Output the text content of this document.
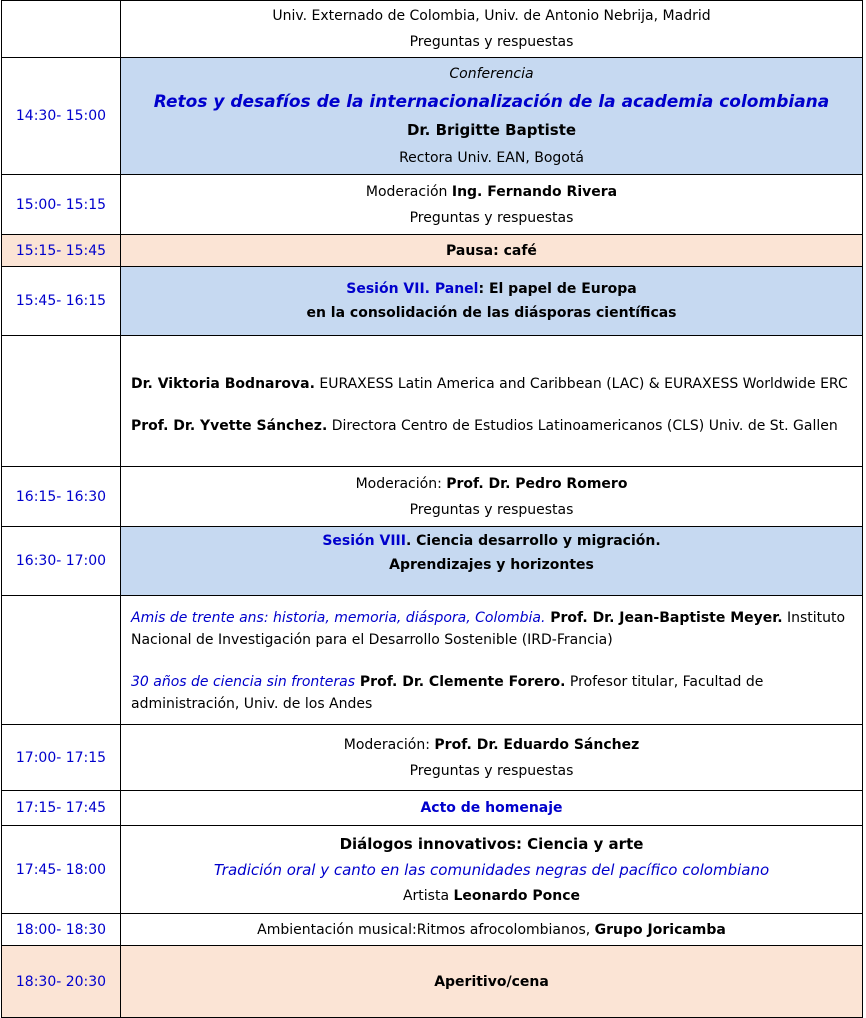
	Univ. Externado de Colombia, Univ. de Antonio Nebrija, Madrid
Preguntas y respuestas

14:30- 15:00	Conferencia
Retos y desafíos de la internacionalización de la academia colombiana
Dr. Brigitte Baptiste
Rectora Univ. EAN, Bogotá

15:00- 15:15	Moderación Ing. Fernando Rivera
Preguntas y respuestas

15:15- 15:45	Pausa: café
15:45- 16:15	Sesión VII. Panel: El papel de Europa
en la consolidación de las diásporas científicas

	Dr. Viktoria Bodnarova. EURAXESS Latin America and Caribbean (LAC) & EURAXESS Worldwide ERC

Prof. Dr. Yvette Sánchez. Directora Centro de Estudios Latinoamericanos (CLS) Univ. de St. Gallen

16:15- 16:30	Moderación: Prof. Dr. Pedro Romero
Preguntas y respuestas

16:30- 17:00	Sesión VIII. Ciencia desarrollo y migración.
Aprendizajes y horizontes

	Amis de trente ans: historia, memoria, diáspora, Colombia. Prof. Dr. Jean-Baptiste Meyer. Instituto Nacional de Investigación para el Desarrollo Sostenible (IRD-Francia)

30 años de ciencia sin fronteras Prof. Dr. Clemente Forero. Profesor titular, Facultad de administración, Univ. de los Andes

17:00- 17:15	Moderación: Prof. Dr. Eduardo Sánchez
Preguntas y respuestas

17:15- 17:45	Acto de homenaje
17:45- 18:00	Diálogos innovativos: Ciencia y arte
Tradición oral y canto en las comunidades negras del pacífico colombiano
Artista Leonardo Ponce

18:00- 18:30	Ambientación musical:Ritmos afrocolombianos, Grupo Joricamba
18:30- 20:30	Aperitivo/cena
